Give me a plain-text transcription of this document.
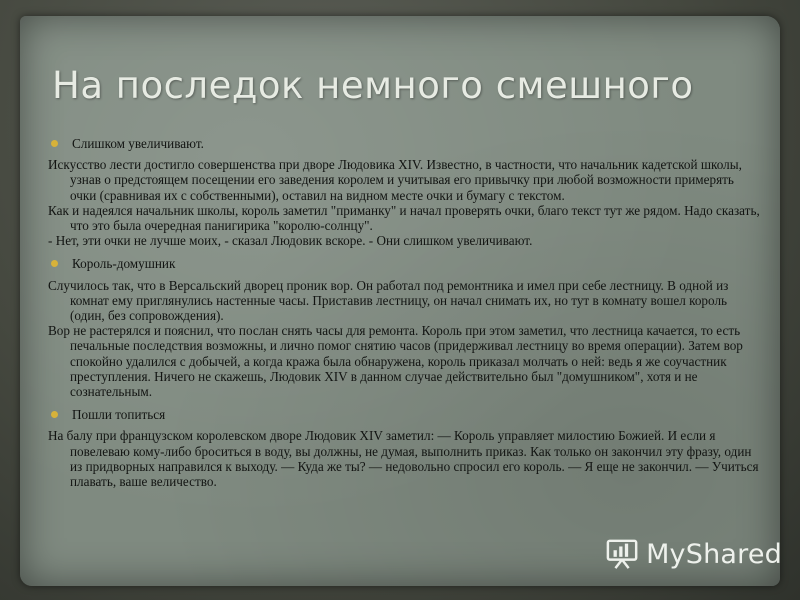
На последок немного смешного
Слишком увеличивают.

Искусство лести достигло совершенства при дворе Людовика XIV. Известно, в частности, что начальник кадетской школы, узнав о предстоящем посещении его заведения королем и учитывая его привычку при любой возможности примерять очки (сравнивая их с собственными), оставил на видном месте очки и бумагу с текстом.

Как и надеялся начальник школы, король заметил "приманку" и начал проверять очки, благо текст тут же рядом. Надо сказать, что это была очередная панигирика "королю-солнцу".

- Нет, эти очки не лучше моих, - сказал Людовик вскоре. - Они слишком увеличивают.

Король-домушник

Случилось так, что в Версальский дворец проник вор. Он работал под ремонтника и имел при себе лестницу. В одной из комнат ему приглянулись настенные часы. Приставив лестницу, он начал снимать их, но тут в комнату вошел король (один, без сопровождения).

Вор не растерялся и пояснил, что послан снять часы для ремонта. Король при этом заметил, что лестница качается, то есть печальные последствия возможны, и лично помог снятию часов (придерживал лестницу во время операции). Затем вор спокойно удалился с добычей, а когда кража была обнаружена, король приказал молчать о ней: ведь я же соучастник преступления. Ничего не скажешь, Людовик XIV в данном случае действительно был "домушником", хотя и не сознательным.

Пошли топиться

На балу при французском королевском дворе Людовик XIV заметил: — Король управляет милостию Божией. И если я повелеваю кому-либо броситься в воду, вы должны, не думая, выполнить приказ. Как только он закончил эту фразу, один из придворных направился к выходу. — Куда же ты? — недовольно спросил его король. — Я еще не закончил. — Учиться плавать, ваше величество.

MyShared
